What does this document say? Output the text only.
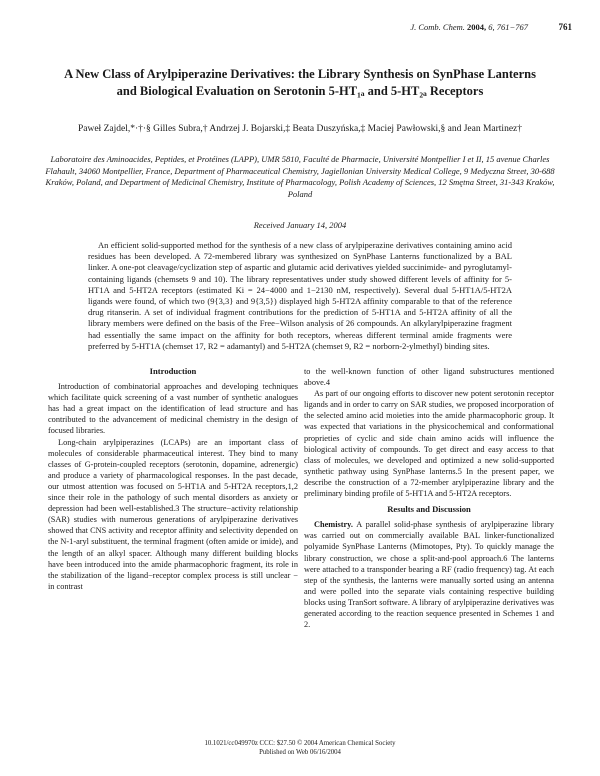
J. Comb. Chem. 2004, 6, 761−767	761
A New Class of Arylpiperazine Derivatives: the Library Synthesis on SynPhase Lanterns and Biological Evaluation on Serotonin 5-HT₁ₐ and 5-HT₂ₐ Receptors
Paweł Zajdel,*·†·§ Gilles Subra,† Andrzej J. Bojarski,‡ Beata Duszyńska,‡ Maciej Pawłowski,§ and Jean Martinez†
Laboratoire des Aminoacides, Peptides, et Protéines (LAPP), UMR 5810, Faculté de Pharmacie, Université Montpellier I et II, 15 avenue Charles Flahault, 34060 Montpellier, France, Department of Pharmaceutical Chemistry, Jagiellonian University Medical College, 9 Medyczna Street, 30-688 Kraków, Poland, and Department of Medicinal Chemistry, Institute of Pharmacology, Polish Academy of Sciences, 12 Smętna Street, 31-343 Kraków, Poland
Received January 14, 2004
An efficient solid-supported method for the synthesis of a new class of arylpiperazine derivatives containing amino acid residues has been developed. A 72-membered library was synthesized on SynPhase Lanterns functionalized by a BAL linker. A one-pot cleavage/cyclization step of aspartic and glutamic acid derivatives yielded succinimide- and pyroglutamyl-containing ligands (chemsets 9 and 10). The library representatives under study showed different levels of affinity for 5-HT1A and 5-HT2A receptors (estimated Ki = 24−4000 and 1−2130 nM, respectively). Several dual 5-HT1A/5-HT2A ligands were found, of which two (9{3,3} and 9{3,5}) displayed high 5-HT2A affinity comparable to that of the reference drug ritanserin. A set of individual fragment contributions for the prediction of 5-HT1A and 5-HT2A affinity of all the library members were defined on the basis of the Free−Wilson analysis of 26 compounds. An alkylarylpiperazine fragment had essentially the same impact on the affinity for both receptors, whereas different terminal amide fragments were preferred by 5-HT1A (chemset 17, R2 = adamantyl) and 5-HT2A (chemset 9, R2 = norborn-2-ylmethyl) binding sites.
Introduction

Introduction of combinatorial approaches and developing techniques which facilitate quick screening of a vast number of synthetic analogues has had a great impact on the identification of lead structure and has contributed to the advancement of medicinal chemistry in the design of focused libraries.

Long-chain arylpiperazines (LCAPs) are an important class of molecules of considerable pharmaceutical interest. They bind to many classes of G-protein-coupled receptors (serotonin, dopamine, adrenergic) and produce a variety of pharmacological responses. In the past decade, our utmost attention was focused on 5-HT1A and 5-HT2A receptors,1,2 since their role in the pathology of such mental disorders as anxiety or depression had been well-established.3 The structure−activity relationship (SAR) studies with numerous generations of arylpiperazine derivatives showed that CNS activity and receptor affinity and selectivity depended on the N-1-aryl substituent, the terminal fragment (often amide or imide), and the length of an alkyl spacer. Although many different building blocks have been introduced into the amide pharmacophoric fragment, its role in the stabilization of the ligand−receptor complex process is still unclear − in contrast

to the well-known function of other ligand substructures mentioned above.4

As part of our ongoing efforts to discover new potent serotonin receptor ligands and in order to carry on SAR studies, we proposed incorporation of the selected amino acid moieties into the amide pharmacophoric group. It was expected that variations in the physicochemical and conformational proprieties of cyclic and side chain amino acids will influence the biological activity of compounds. To get direct and easy access to that class of molecules, we developed and optimized a new solid-supported synthetic pathway using SynPhase lanterns.5 In the present paper, we describe the construction of a 72-member arylpiperazine library and the preliminary binding profile of 5-HT1A and 5-HT2A receptors.

Results and Discussion

Chemistry. A parallel solid-phase synthesis of arylpiperazine library was carried out on commercially available BAL linker-functionalized polyamide SynPhase Lanterns (Mimotopes, Pty). To quickly manage the library construction, we chose a split-and-pool approach.6 The lanterns were attached to a transponder bearing a RF (radio frequency) tag. At each step of the synthesis, the lanterns were manually sorted using an antenna and were polled into the separate vials containing respective building blocks using TranSort software. A library of arylpiperazine derivatives was generated according to the reaction sequence presented in Schemes 1 and 2.

10.1021/cc049970z CCC: $27.50 © 2004 American Chemical Society
Published on Web 06/16/2004
